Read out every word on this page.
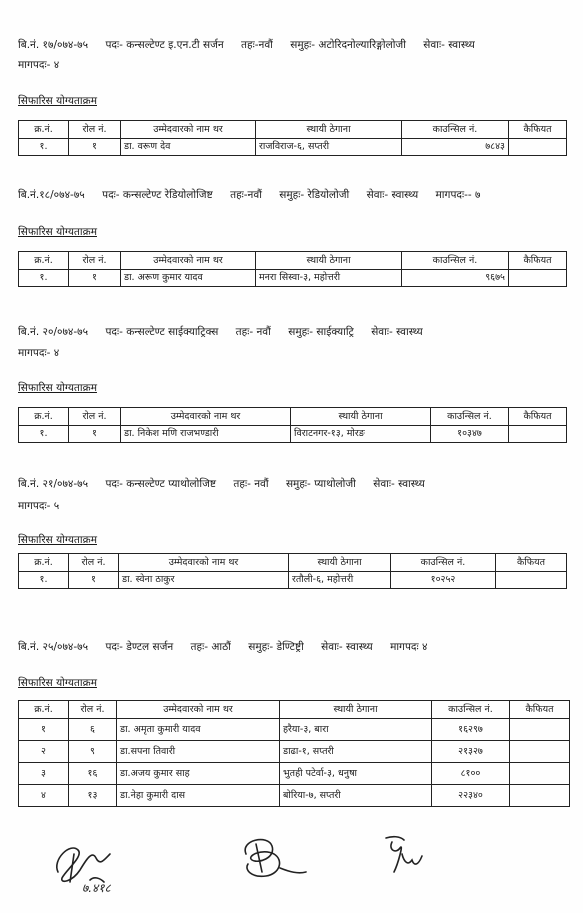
बि.नं. १७/०७४-७५ पदः- कन्सल्टेण्ट इ.एन.टी सर्जन तहः-नवौं समुहः- अटोरिदनोल्यारिङ्गोलोजी सेवाः- स्वास्थ्य
मागपदः- ४
सिफारिस योग्यताक्रम
क्र.नं.	रोल नं.	उम्मेदवारको नाम थर	स्थायी ठेगाना	काउन्सिल नं.	कैफियत
१.	१	डा. वरूण देव	राजविराज-६, सप्तरी	७८४३	
बि.नं.१८/०७४-७५ पदः- कन्सल्टेण्ट रेडियोलोजिष्ट तहः-नवौं समुहः- रेडियोलोजी सेवाः- स्वास्थ्य मागपदः-- ७
सिफारिस योग्यताक्रम
क्र.नं.	रोल नं.	उम्मेदवारको नाम थर	स्थायी ठेगाना	काउन्सिल नं.	कैफियत
१.	१	डा. अरूण कुमार यादव	मनरा सिस्वा-३, महोत्तरी	९६७५	
बि.नं. २०/०७४-७५ पदः- कन्सल्टेण्ट साईक्याट्रिक्स तहः- नवौं समुहः- साईक्याट्रि सेवाः- स्वास्थ्य
मागपदः- ४
सिफारिस योग्यताक्रम
क्र.नं.	रोल नं.	उम्मेदवारको नाम थर	स्थायी ठेगाना	काउन्सिल नं.	कैफियत
१.	१	डा. निकेश मणि राजभण्डारी	विराटनगर-१३, मोरङ	१०३४७	
बि.नं. २१/०७४-७५ पदः- कन्सल्टेण्ट प्याथोलोजिष्ट तहः- नवौं समुहः- प्याथोलोजी सेवाः- स्वास्थ्य
मागपदः- ५
सिफारिस योग्यताक्रम
क्र.नं.	रोल नं.	उम्मेदवारको नाम थर	स्थायी ठेगाना	काउन्सिल नं.	कैफियत
१.	१	डा. स्वेना ठाकुर	रतौली-६, महोत्तरी	१०२५२	
बि.नं. २५/०७४-७५ पदः- डेण्टल सर्जन तहः- आठौं समुहः- डेण्टिष्ट्री सेवाः- स्वास्थ्य मागपदः ४
सिफारिस योग्यताक्रम
क्र.नं.	रोल नं.	उम्मेदवारको नाम थर	स्थायी ठेगाना	काउन्सिल नं.	कैफियत
१	६	डा. अमृता कुमारी यादव	हरैया-३, बारा	१६२९७	
२	९	डा.सपना तिवारी	डाढा-१, सप्तरी	२१३२७	
३	१६	डा.अजय कुमार साह	भुतही पटेर्वा-३, धनुषा	८१००	
४	१३	डा.नेहा कुमारी दास	बोरिया-७, सप्तरी	२२३४०	
७.४१८
